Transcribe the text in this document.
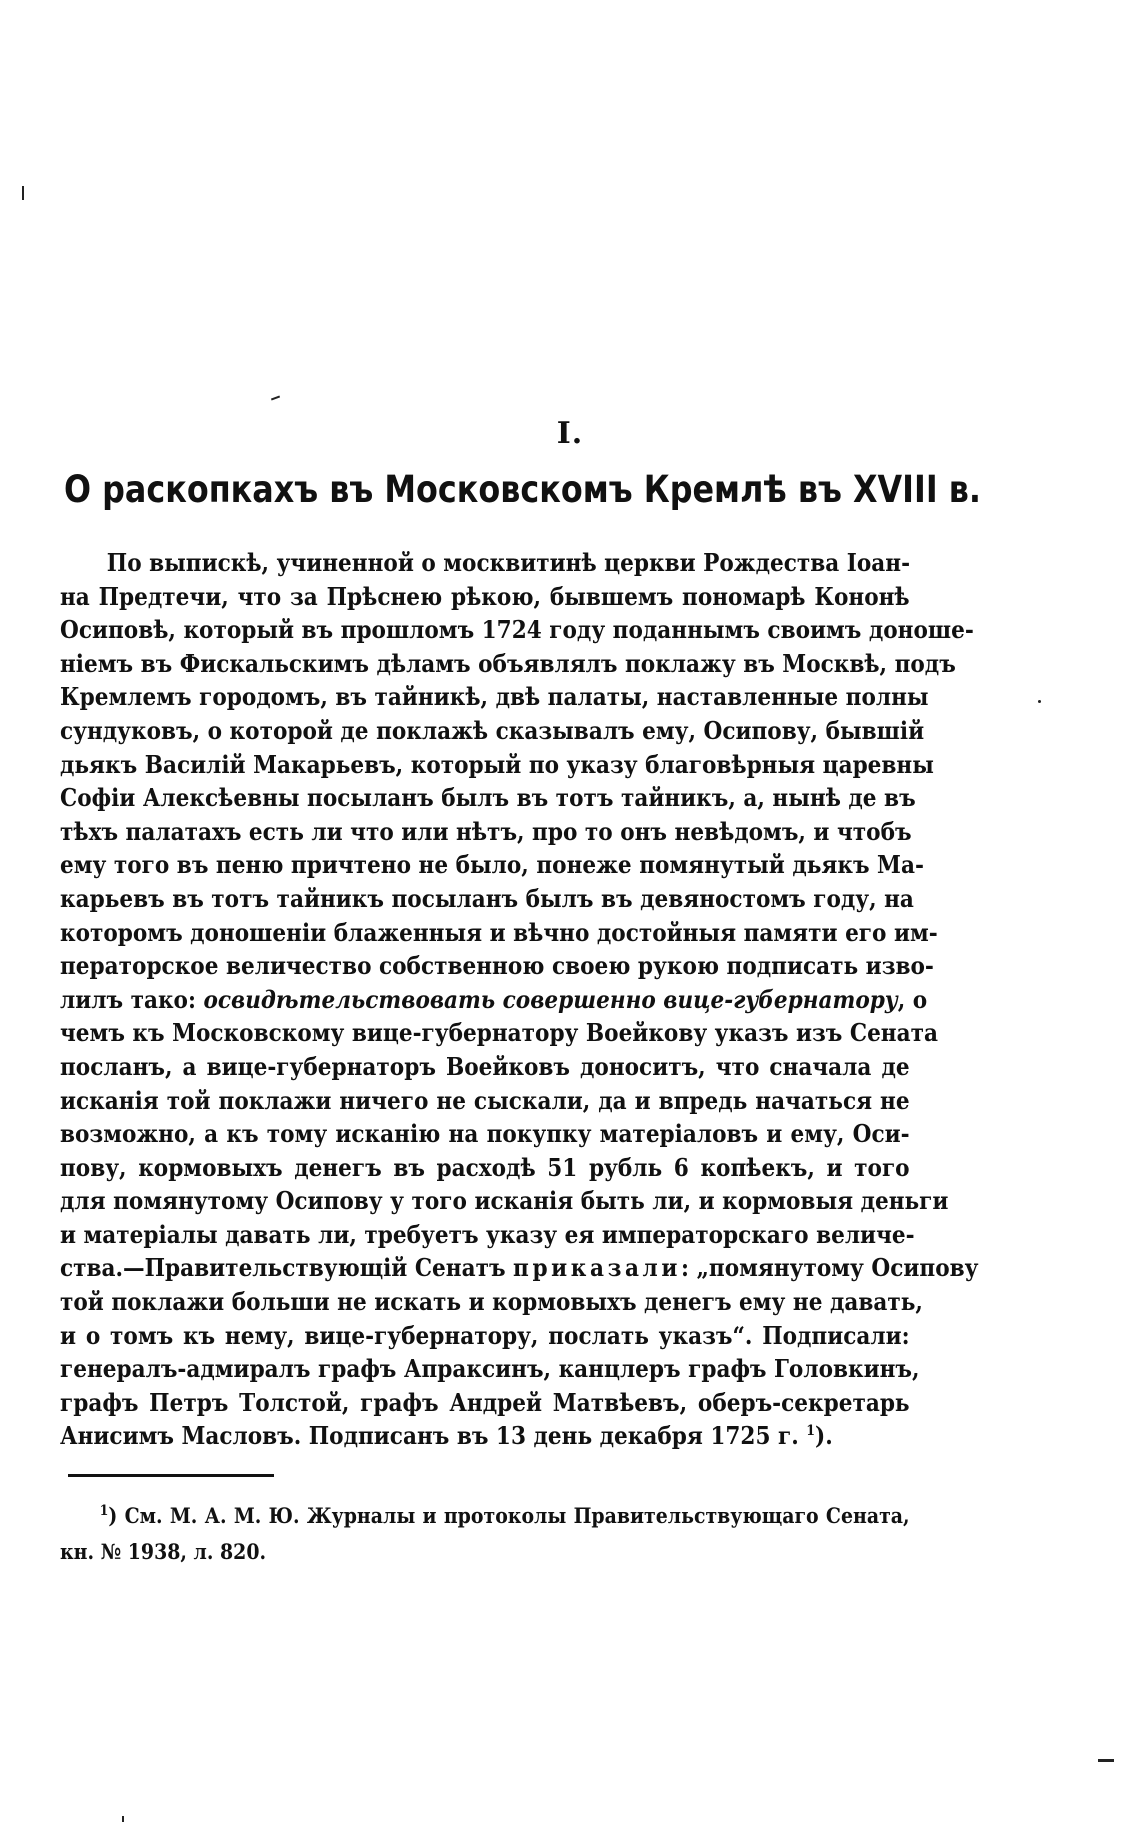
I.
О раскопкахъ въ Московскомъ Кремлѣ въ XVIII в.
По выпискѣ, учиненной о москвитинѣ церкви Рождества Іоан-
на Предтечи, что за Прѣснею рѣкою, бывшемъ пономарѣ Кононѣ
Осиповѣ, который въ прошломъ 1724 году поданнымъ своимъ доноше-
ніемъ въ Фискальскимъ дѣламъ объявлялъ поклажу въ Москвѣ, подъ
Кремлемъ городомъ, въ тайникѣ, двѣ палаты, наставленные полны
сундуковъ, о которой де поклажѣ сказывалъ ему, Осипову, бывшій
дьякъ Василій Макарьевъ, который по указу благовѣрныя царевны
Софіи Алексѣевны посыланъ былъ въ тотъ тайникъ, а, нынѣ де въ
тѣхъ палатахъ есть ли что или нѣтъ, про то онъ невѣдомъ, и чтобъ
ему того въ пеню причтено не было, понеже помянутый дьякъ Ма-
карьевъ въ тотъ тайникъ посыланъ былъ въ девяностомъ году, на
которомъ доношеніи блаженныя и вѣчно достойныя памяти его им-
ператорское величество собственною своею рукою подписать изво-
лилъ тако: освидѣтельствовать совершенно вице-губернатору, о
чемъ къ Московскому вице-губернатору Воейкову указъ изъ Сената
посланъ, а вице-губернаторъ Воейковъ доноситъ, что сначала де
исканія той поклажи ничего не сыскали, да и впредь начаться не
возможно, а къ тому исканію на покупку матеріаловъ и ему, Оси-
пову, кормовыхъ денегъ въ расходѣ 51 рубль 6 копѣекъ, и того
для помянутому Осипову у того исканія быть ли, и кормовыя деньги
и матеріалы давать ли, требуетъ указу ея императорскаго величе-
ства.—Правительствующій Сенатъ приказали: „помянутому Осипову
той поклажи больши не искать и кормовыхъ денегъ ему не давать,
и о томъ къ нему, вице-губернатору, послать указъ“. Подписали:
генералъ-адмиралъ графъ Апраксинъ, канцлеръ графъ Головкинъ,
графъ Петръ Толстой, графъ Андрей Матвѣевъ, оберъ-секретарь
Анисимъ Масловъ. Подписанъ въ 13 день декабря 1725 г. $^1$).
$^1$) См. М. А. М. Ю. Журналы и протоколы Правительствующаго Сената,
кн. № 1938, л. 820.
